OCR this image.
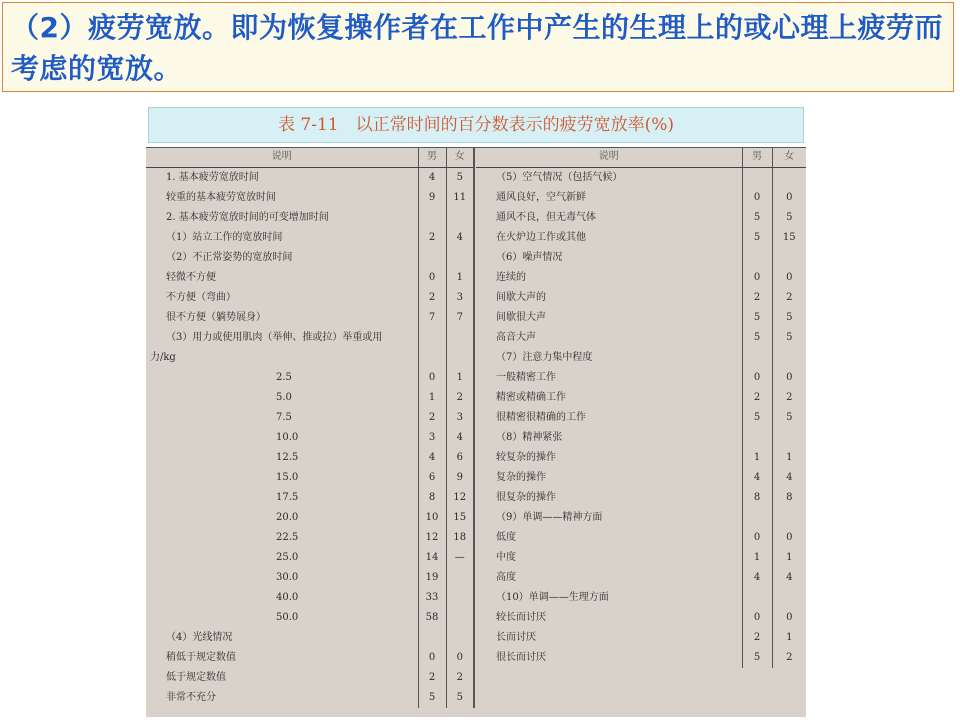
（2）疲劳宽放。即为恢复操作者在工作中产生的生理上的或心理上疲劳而考虑的宽放。

表 7-11　以正常时间的百分数表示的疲劳宽放率(%)
说明	男	女
1. 基本疲劳宽放时间	4	5
较重的基本疲劳宽放时间	9	11
2. 基本疲劳宽放时间的可变增加时间		
（1）站立工作的宽放时间	2	4
（2）不正常姿势的宽放时间		
轻微不方便	0	1
不方便（弯曲）	2	3
很不方便（躺势展身）	7	7
（3）用力或使用肌肉（举伸、推或拉）举重或用		
力/kg		
2.5	0	1
5.0	1	2
7.5	2	3
10.0	3	4
12.5	4	6
15.0	6	9
17.5	8	12
20.0	10	15
22.5	12	18
25.0	14	—
30.0	19	
40.0	33	
50.0	58	
（4）光线情况		
稍低于规定数值	0	0
低于规定数值	2	2
非常不充分	5	5
说明	男	女
（5）空气情况（包括气候）		
通风良好，空气新鲜	0	0
通风不良，但无毒气体	5	5
在火炉边工作或其他	5	15
（6）噪声情况		
连续的	0	0
间歇大声的	2	2
间歇很大声	5	5
高音大声	5	5
（7）注意力集中程度		
一般精密工作	0	0
精密或精确工作	2	2
很精密很精确的工作	5	5
（8）精神紧张		
较复杂的操作	1	1
复杂的操作	4	4
很复杂的操作	8	8
（9）单调——精神方面		
低度	0	0
中度	1	1
高度	4	4
（10）单调——生理方面		
较长而讨厌	0	0
长而讨厌	2	1
很长而讨厌	5	2
